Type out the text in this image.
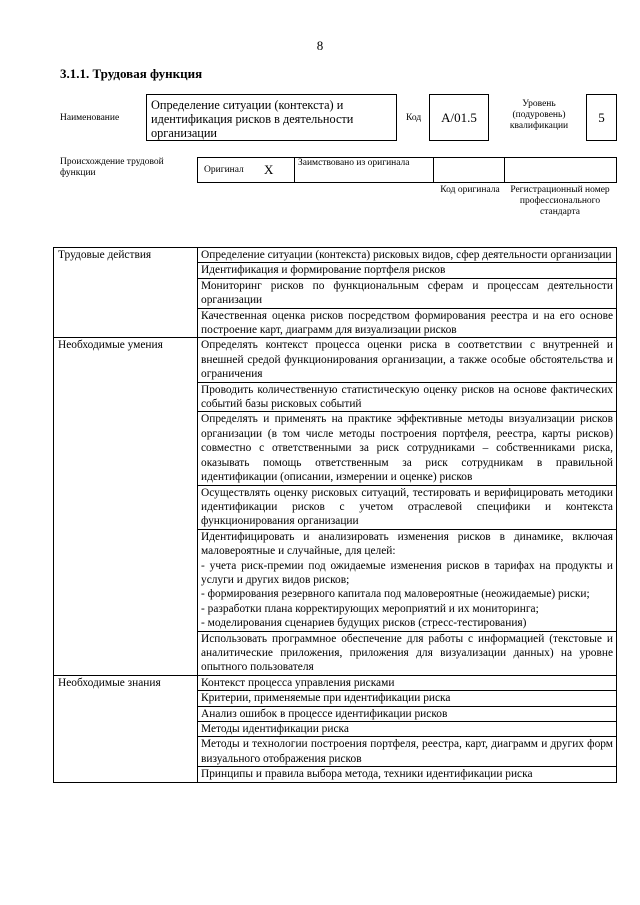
8
3.1.1. Трудовая функция
Наименование
Определение ситуации (контекста) и идентификация рисков в деятельности организации
Код	А/01.5
Уровень (подуровень) квалификации
5
Происхождение трудовой функции	Оригинал Х	Заимствовано из оригинала
Код оригинала	Регистрационный номер профессионального стандарта
Трудовые действия	Определение ситуации (контекста) рисковых видов, сфер деятельности организации
	Идентификация и формирование портфеля рисков
	Мониторинг рисков по функциональным сферам и процессам деятельности организации
	Качественная оценка рисков посредством формирования реестра и на его основе построение карт, диаграмм для визуализации рисков
Необходимые умения	Определять контекст процесса оценки риска в соответствии с внутренней и внешней средой функционирования организации, а также особые обстоятельства и ограничения
	Проводить количественную статистическую оценку рисков на основе фактических событий базы рисковых событий
	Определять и применять на практике эффективные методы визуализации рисков организации (в том числе методы построения портфеля, реестра, карты рисков) совместно с ответственными за риск сотрудниками – собственниками риска, оказывать помощь ответственным за риск сотрудникам в правильной идентификации (описании, измерении и оценке) рисков
	Осуществлять оценку рисковых ситуаций, тестировать и верифицировать методики идентификации рисков с учетом отраслевой специфики и контекста функционирования организации

	Идентифицировать и анализировать изменения рисков в динамике, включая маловероятные и случайные, для целей:
- учета риск-премии под ожидаемые изменения рисков в тарифах на продукты и услуги и других видов рисков;
- формирования резервного капитала под маловероятные (неожидаемые) риски;
- разработки плана корректирующих мероприятий и их мониторинга;
- моделирования сценариев будущих рисков (стресс-тестирования)

	Использовать программное обеспечение для работы с информацией (текстовые и аналитические приложения, приложения для визуализации данных) на уровне опытного пользователя
Необходимые знания	Контекст процесса управления рисками
	Критерии, применяемые при идентификации риска
	Анализ ошибок в процессе идентификации рисков
	Методы идентификации риска
	Методы и технологии построения портфеля, реестра, карт, диаграмм и других форм визуального отображения рисков
	Принципы и правила выбора метода, техники идентификации риска
